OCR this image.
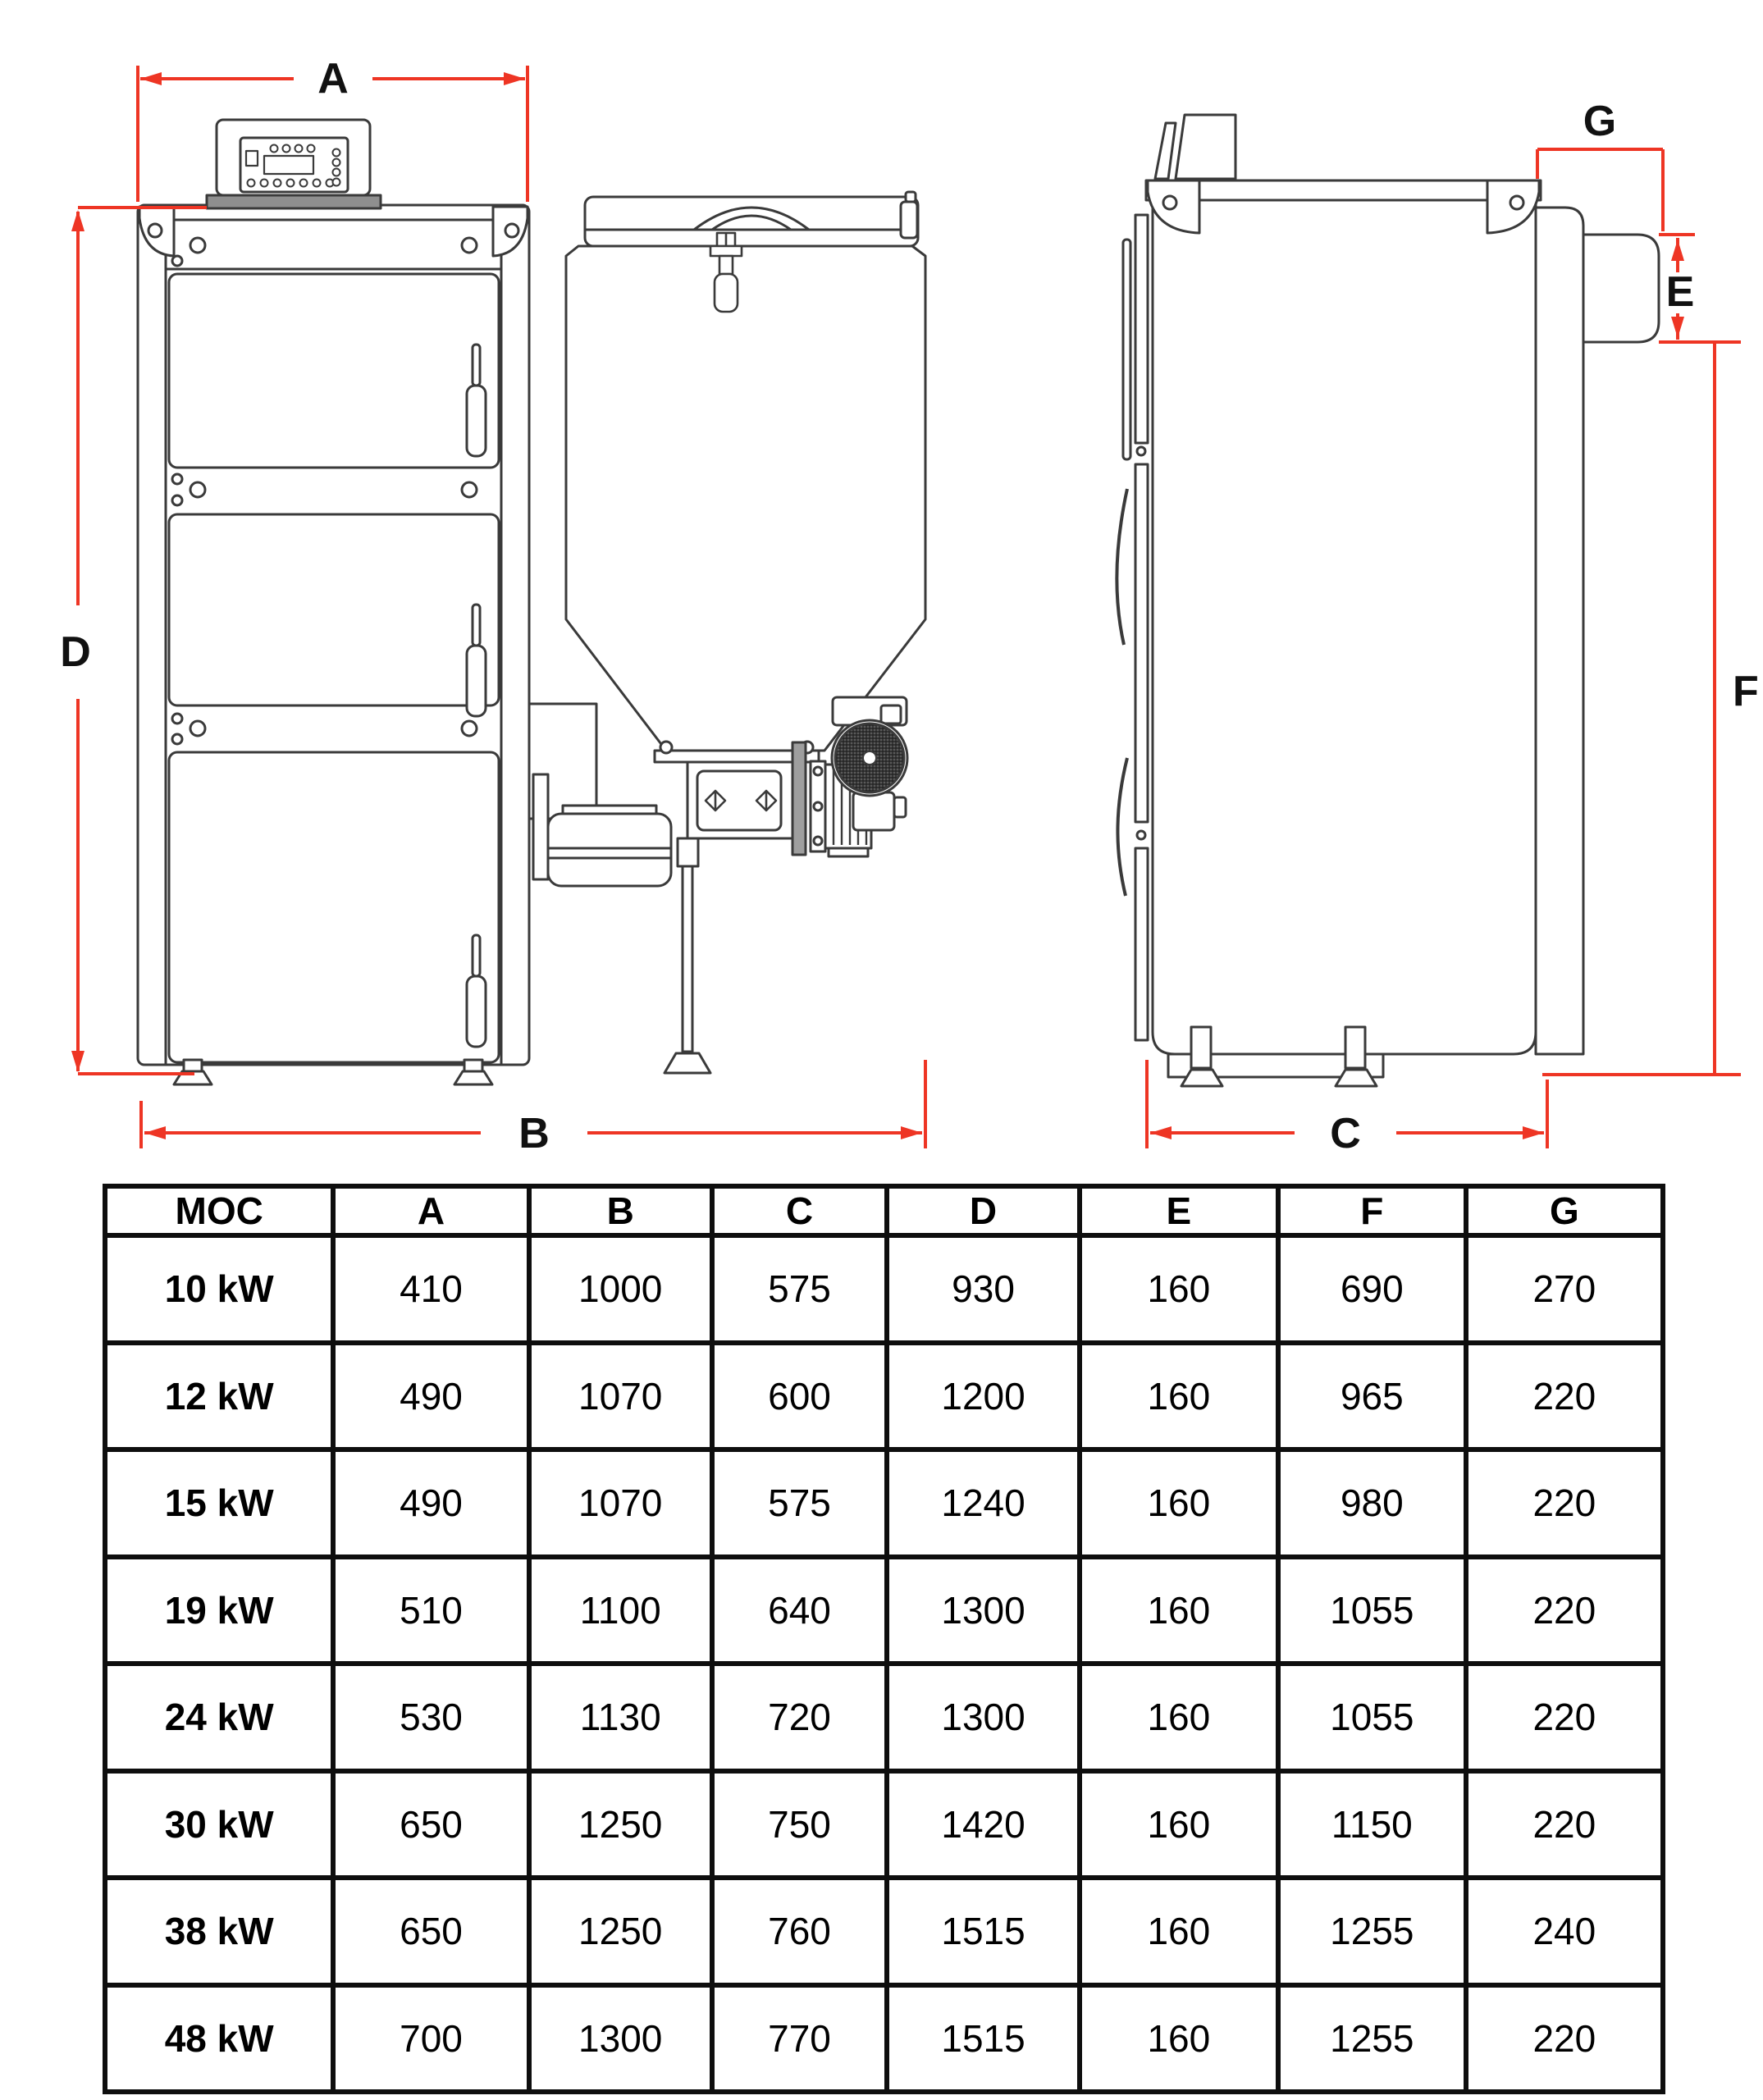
A
D
B	C
G
E
F
MOC	A	B	C	D	E	F	G
10 kW	410	1000	575	930	160	690	270
12 kW	490	1070	600	1200	160	965	220
15 kW	490	1070	575	1240	160	980	220
19 kW	510	1100	640	1300	160	1055	220
24 kW	530	1130	720	1300	160	1055	220
30 kW	650	1250	750	1420	160	1150	220
38 kW	650	1250	760	1515	160	1255	240
48 kW	700	1300	770	1515	160	1255	220
